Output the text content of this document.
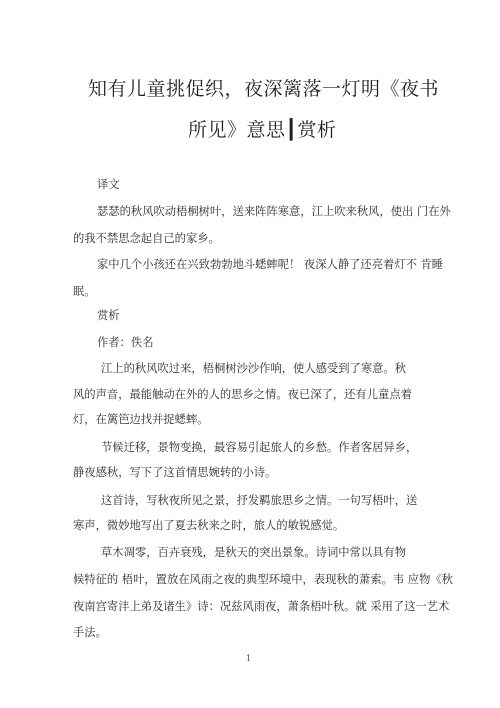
知有儿童挑促织，夜深篱落一灯明《夜书
所见》意思┃赏析
译文
瑟瑟的秋风吹动梧桐树叶，送来阵阵寒意，江上吹来秋风，使出 门在外
的我不禁思念起自己的家乡。
家中几个小孩还在兴致勃勃地斗蟋蟀呢！ 夜深人静了还亮着灯不 肯睡
眠。
赏析
作者：佚名
江上的秋风吹过来，梧桐树沙沙作响，使人感受到了寒意。秋
风的声音，最能触动在外的人的思乡之情。夜已深了，还有儿童点着
灯，在篱笆边找并捉蟋蟀。
节候迁移，景物变换，最容易引起旅人的乡愁。作者客居异乡，
静夜感秋，写下了这首情思婉转的小诗。
这首诗，写秋夜所见之景，抒发羁旅思乡之情。一句写梧叶，送
寒声，微妙地写出了夏去秋来之时，旅人的敏锐感觉。
草木凋零，百卉衰残，是秋天的突出景象。诗词中常以具有物
候特征的 梧叶，置放在风雨之夜的典型环境中，表现秋的萧索。韦 应物《秋
夜南宫寄沣上弟及诸生》诗：况兹风雨夜，萧条梧叶秋。就 采用了这一艺术
手法。
1
